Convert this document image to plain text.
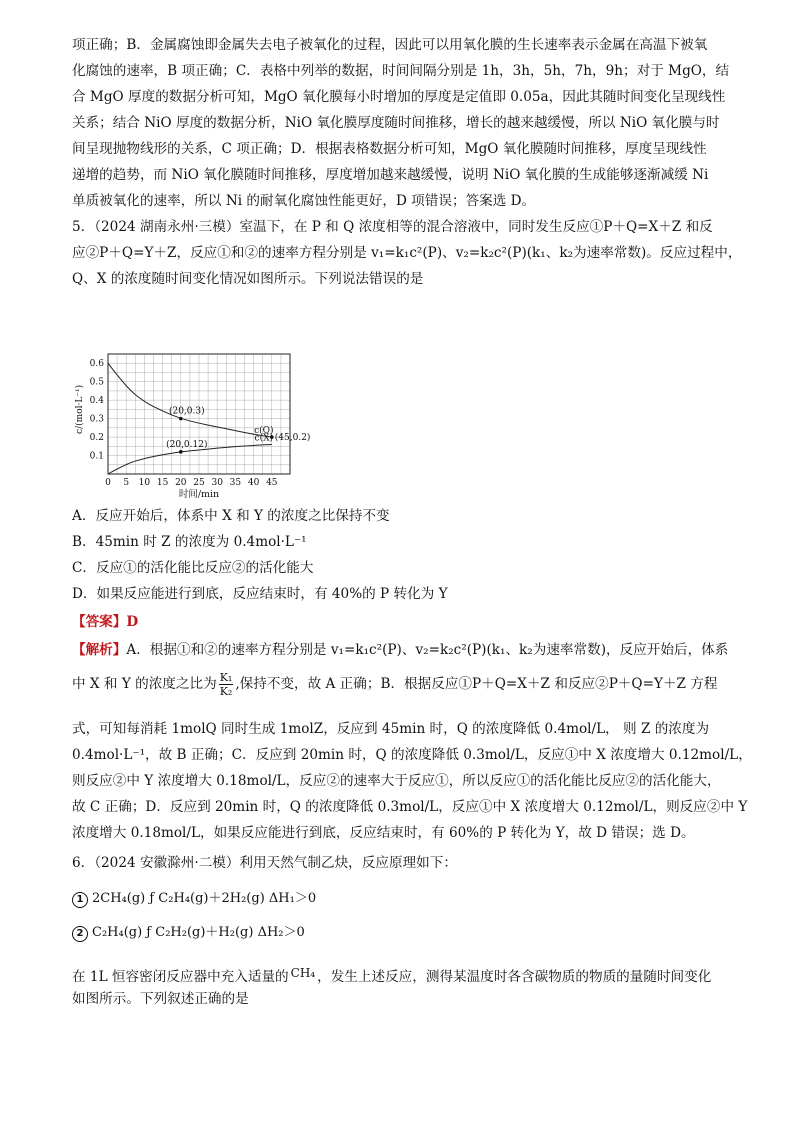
项正确；B．金属腐蚀即金属失去电子被氧化的过程，因此可以用氧化膜的生长速率表示金属在高温下被氧
化腐蚀的速率，B 项正确；C．表格中列举的数据，时间间隔分别是 1h，3h，5h，7h，9h；对于 MgO，结
合 MgO 厚度的数据分析可知，MgO 氧化膜每小时增加的厚度是定值即 0.05a，因此其随时间变化呈现线性
关系；结合 NiO 厚度的数据分析，NiO 氧化膜厚度随时间推移，增长的越来越缓慢，所以 NiO 氧化膜与时
间呈现抛物线形的关系，C 项正确；D．根据表格数据分析可知，MgO 氧化膜随时间推移，厚度呈现线性
递增的趋势，而 NiO 氧化膜随时间推移，厚度增加越来越缓慢，说明 NiO 氧化膜的生成能够逐渐减缓 Ni
单质被氧化的速率，所以 Ni 的耐氧化腐蚀性能更好，D 项错误；答案选 D。
5．（2024 湖南永州·三模）室温下，在 P 和 Q 浓度相等的混合溶液中，同时发生反应①P＋Q=X＋Z 和反
应②P＋Q=Y＋Z，反应①和②的速率方程分别是 v₁=k₁c²(P)、v₂=k₂c²(P)(k₁、k₂为速率常数)。反应过程中，
Q、X 的浓度随时间变化情况如图所示。下列说法错误的是
0 5 10 15 20 25 30 35 40 45
0.1
0.2
0.3
0.4
0.5
0.6
时间/min
c/(mol·L⁻¹)	c(Q)
c(X)
(20,0.3)
(20,0.12)
(45,0.2)
A．反应开始后，体系中 X 和 Y 的浓度之比保持不变
B．45min 时 Z 的浓度为 0.4mol·L⁻¹
C．反应①的活化能比反应②的活化能大
D．如果反应能进行到底，反应结束时，有 40%的 P 转化为 Y
【答案】D
【解析】A．根据①和②的速率方程分别是 v₁=k₁c²(P)、v₂=k₂c²(P)(k₁、k₂为速率常数)，反应开始后，体系
中 X 和 Y 的浓度之比为 $\frac{\text{K₁}}{\text{K₂}}$ ,保持不变，故 A 正确；B．根据反应①P＋Q=X＋Z 和反应②P＋Q=Y＋Z 方程
式，可知每消耗 1molQ 同时生成 1molZ，反应到 45min 时，Q 的浓度降低 0.4mol/L， 则 Z 的浓度为
0.4mol·L⁻¹，故 B 正确；C．反应到 20min 时，Q 的浓度降低 0.3mol/L，反应①中 X 浓度增大 0.12mol/L，
则反应②中 Y 浓度增大 0.18mol/L，反应②的速率大于反应①，所以反应①的活化能比反应②的活化能大，
故 C 正确；D．反应到 20min 时，Q 的浓度降低 0.3mol/L，反应①中 X 浓度增大 0.12mol/L，则反应②中 Y
浓度增大 0.18mol/L，如果反应能进行到底，反应结束时，有 60%的 P 转化为 Y，故 D 错误；选 D。
6．（2024 安徽滁州·二模）利用天然气制乙炔，反应原理如下：
1 2CH₄(g) ƒ C₂H₄(g)＋2H₂(g) ΔH₁＞0
2 C₂H₄(g) ƒ C₂H₂(g)＋H₂(g) ΔH₂＞0
在 1L 恒容密闭反应器中充入适量的 CH₄ ，发生上述反应，测得某温度时各含碳物质的物质的量随时间变化
如图所示。下列叙述正确的是
